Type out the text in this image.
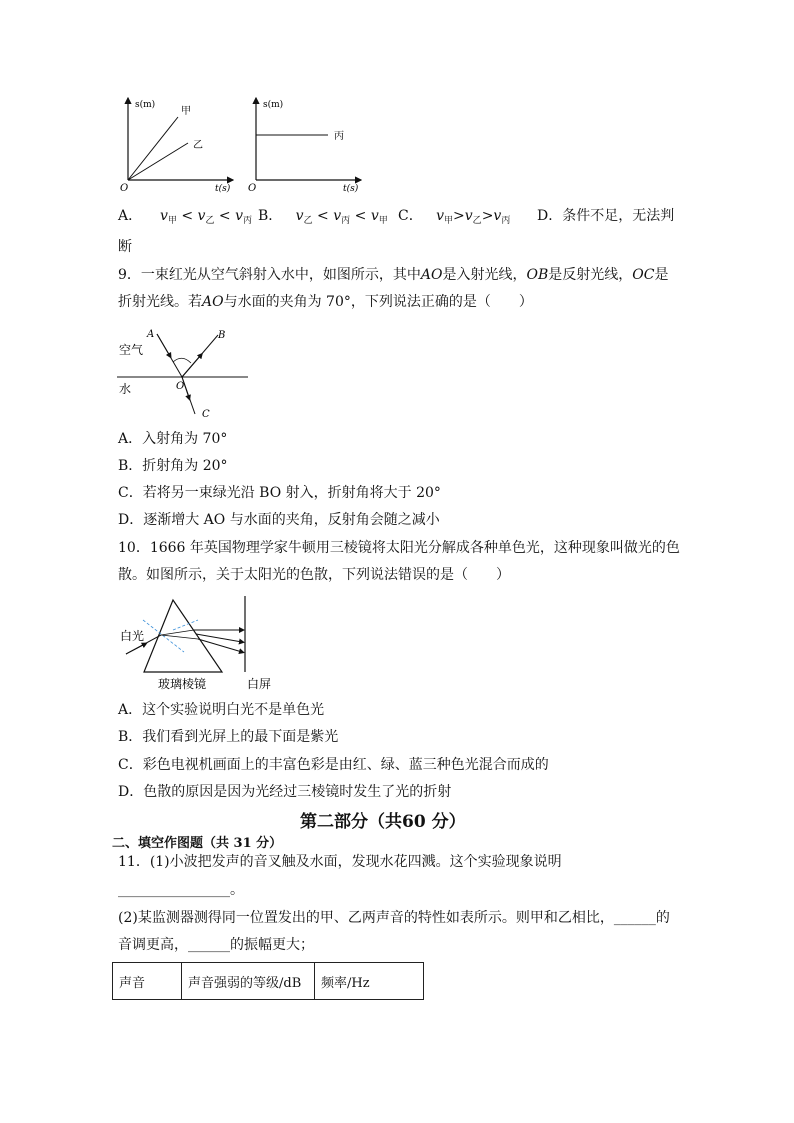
s(m)
t(s)
O
甲
乙
s(m)
t(s)
O
丙
A． $v_甲 < v_乙 < v_丙$ B． $v_乙 < v_丙 < v_甲$ C． $v_甲>v_乙>v_丙$ D．条件不足，无法判
断
9．一束红光从空气斜射入水中，如图所示，其中AO是入射光线，OB是反射光线，OC是
折射光线。若AO与水面的夹角为 70°，下列说法正确的是（　　）
空气
水
A	B
O
C
A．入射角为 70°
B．折射角为 20°
C．若将另一束绿光沿 BO 射入，折射角将大于 20°
D．逐渐增大 AO 与水面的夹角，反射角会随之减小
10．1666 年英国物理学家牛顿用三棱镜将太阳光分解成各种单色光，这种现象叫做光的色
散。如图所示，关于太阳光的色散，下列说法错误的是（　　）
白光
玻璃棱镜	白屏
A．这个实验说明白光不是单色光
B．我们看到光屏上的最下面是紫光
C．彩色电视机画面上的丰富色彩是由红、绿、蓝三种色光混合而成的
D．色散的原因是因为光经过三棱镜时发生了光的折射
第二部分（共60 分）
二、填空作图题（共 31 分）
11．(1)小波把发声的音叉触及水面，发现水花四溅。这个实验现象说明
________________。
(2)某监测器测得同一位置发出的甲、乙两声音的特性如表所示。则甲和乙相比，______的
音调更高，______的振幅更大；
声音	声音强弱的等级/dB	频率/Hz
